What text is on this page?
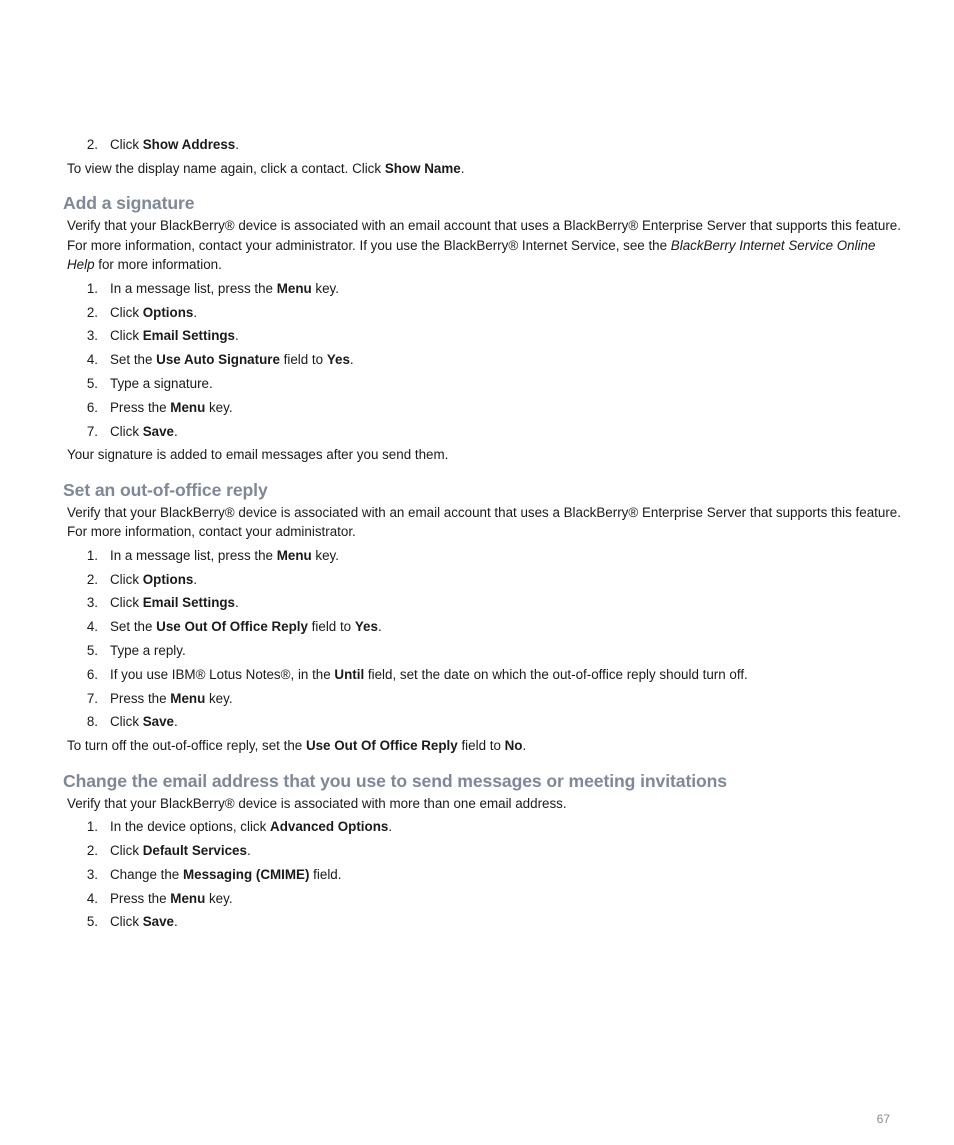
2. Click Show Address.

To view the display name again, click a contact. Click Show Name.

Add a signature

Verify that your BlackBerry® device is associated with an email account that uses a BlackBerry® Enterprise Server that supports this feature. For more information, contact your administrator. If you use the BlackBerry® Internet Service, see the BlackBerry Internet Service Online Help for more information.

1. In a message list, press the Menu key.
2. Click Options.
3. Click Email Settings.
4. Set the Use Auto Signature field to Yes.
5. Type a signature.
6. Press the Menu key.
7. Click Save.

Your signature is added to email messages after you send them.

Set an out-of-office reply

Verify that your BlackBerry® device is associated with an email account that uses a BlackBerry® Enterprise Server that supports this feature. For more information, contact your administrator.

1. In a message list, press the Menu key.
2. Click Options.
3. Click Email Settings.
4. Set the Use Out Of Office Reply field to Yes.
5. Type a reply.
6. If you use IBM® Lotus Notes®, in the Until field, set the date on which the out-of-office reply should turn off.
7. Press the Menu key.
8. Click Save.

To turn off the out-of-office reply, set the Use Out Of Office Reply field to No.

Change the email address that you use to send messages or meeting invitations

Verify that your BlackBerry® device is associated with more than one email address.

1. In the device options, click Advanced Options.
2. Click Default Services.
3. Change the Messaging (CMIME) field.
4. Press the Menu key.
5. Click Save.
67
